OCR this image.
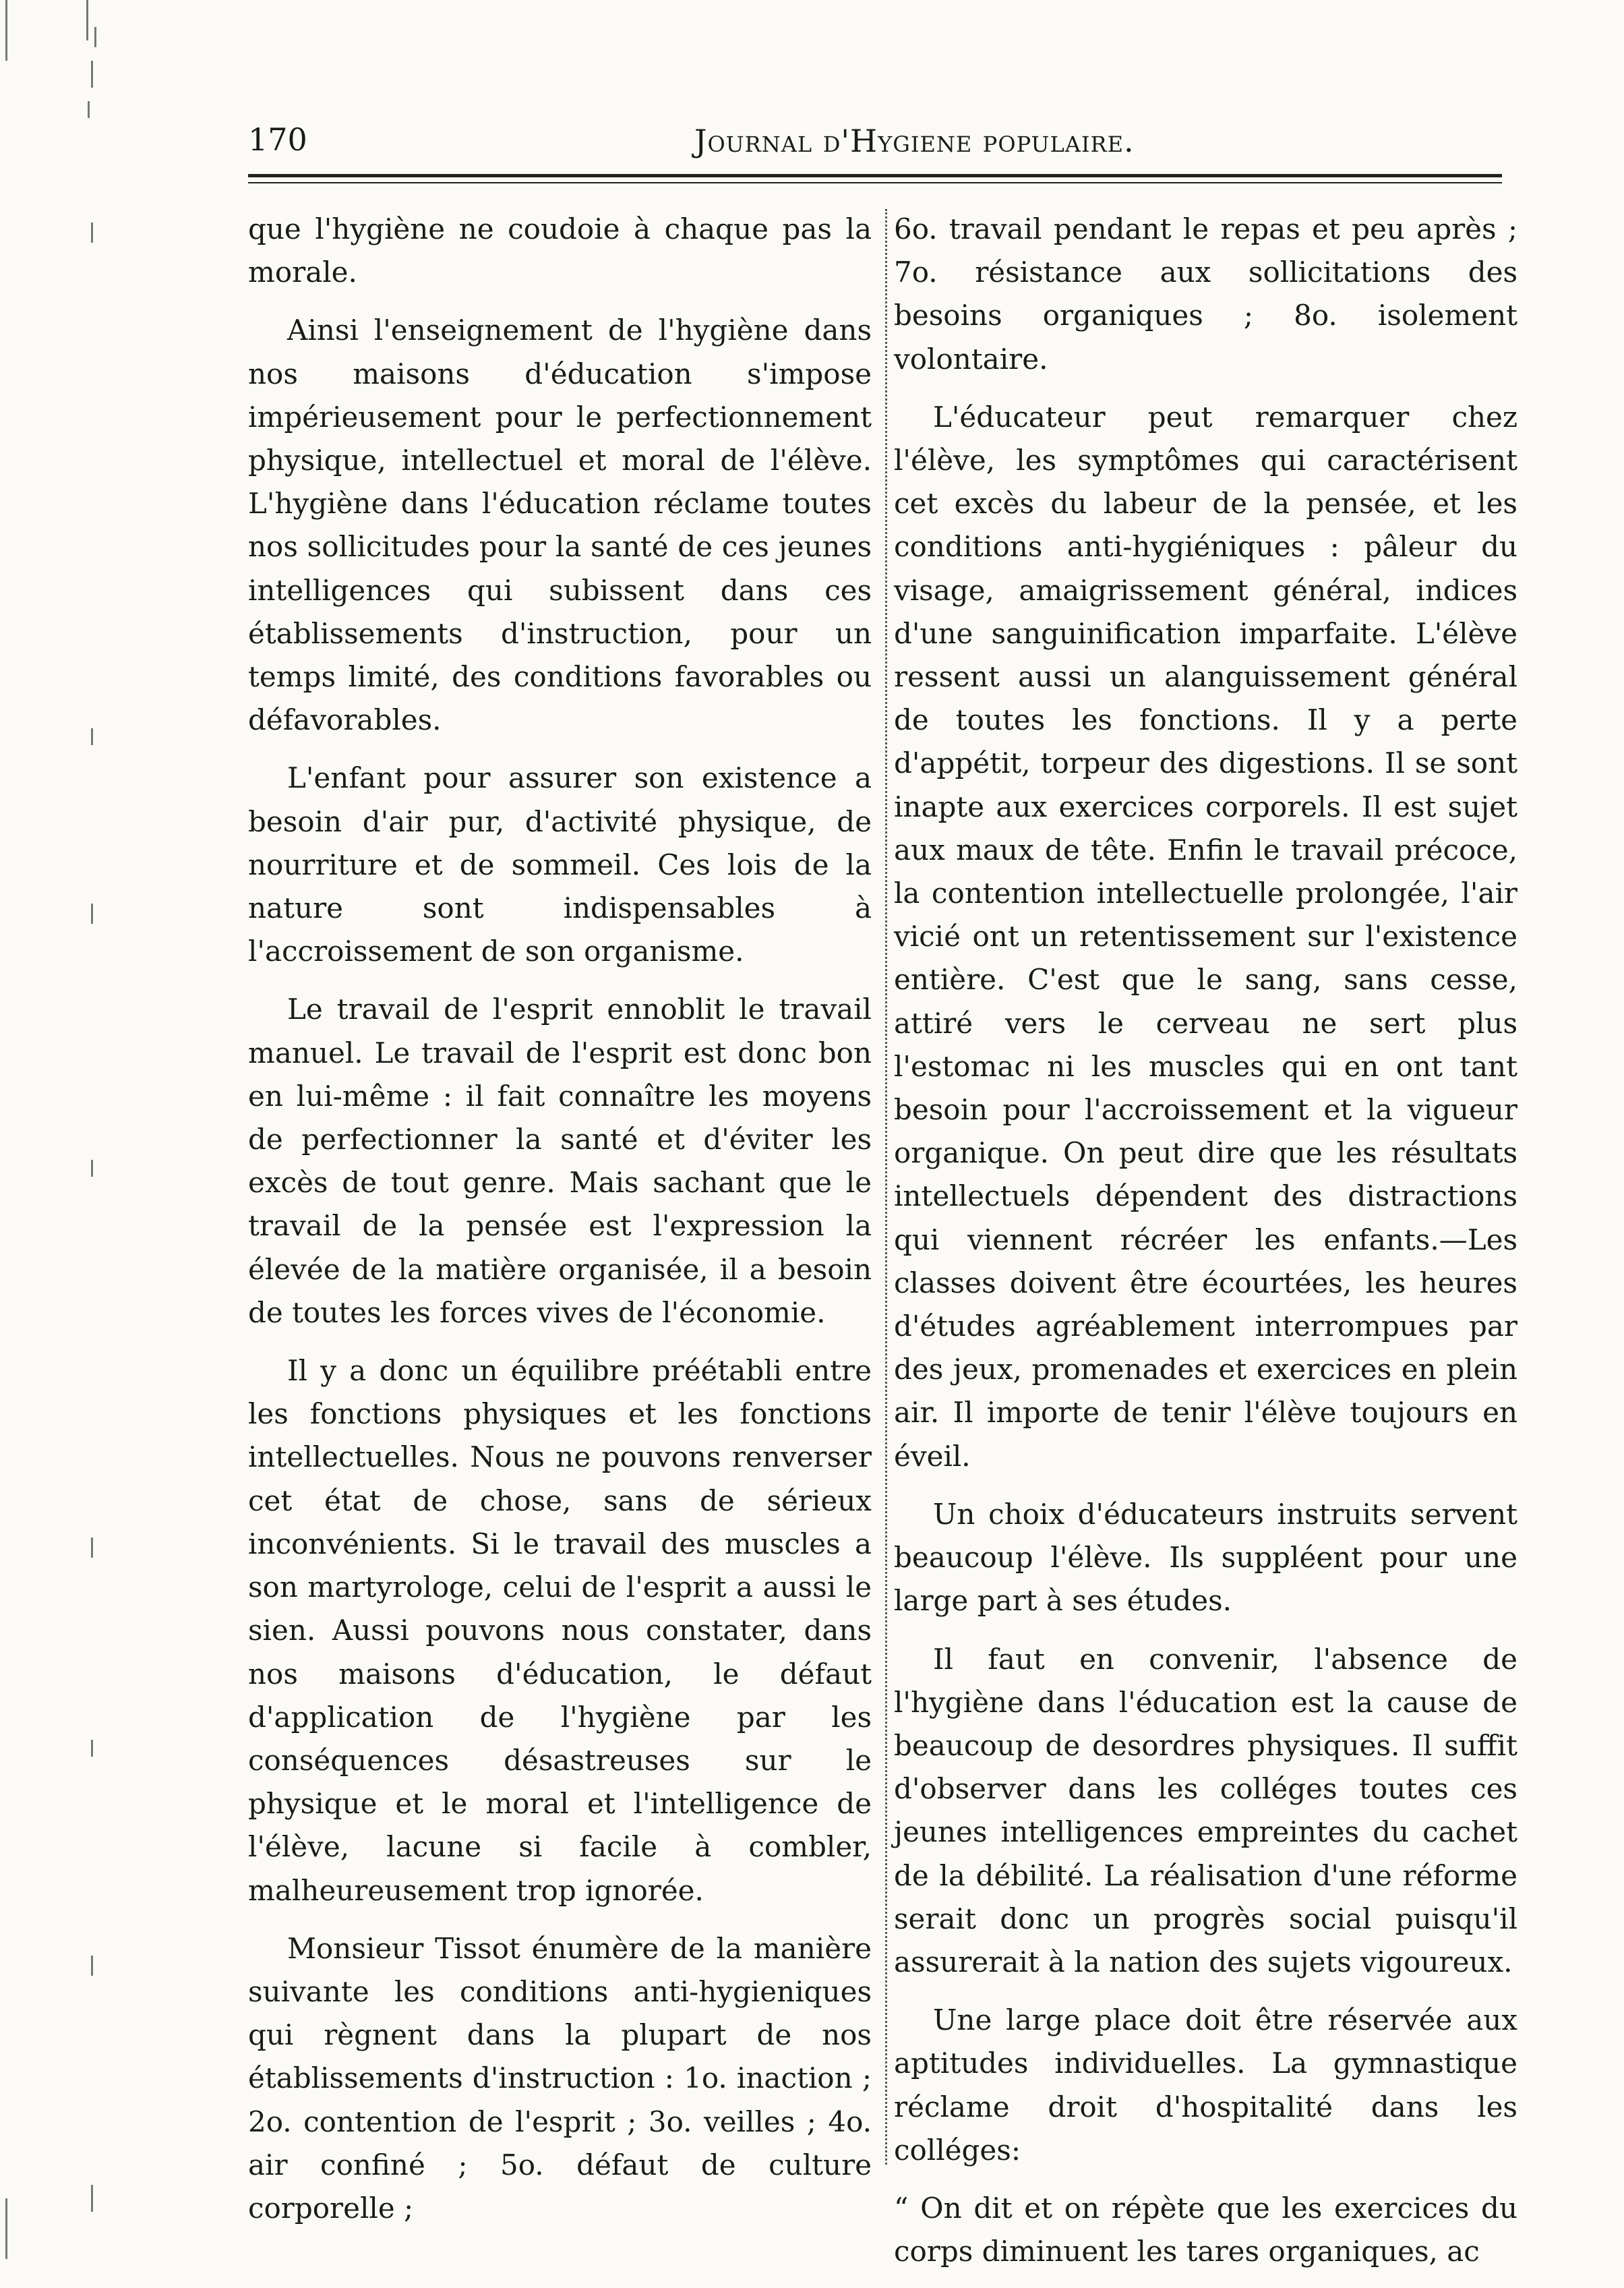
170	Journal d'Hygiene populaire.

que l'hygiène ne coudoie à chaque pas la morale.

Ainsi l'enseignement de l'hygiène dans nos maisons d'éducation s'impose impérieusement pour le perfectionnement physique, intellectuel et moral de l'élève. L'hygiène dans l'éducation réclame toutes nos sollicitudes pour la santé de ces jeunes intelligences qui subissent dans ces établissements d'instruction, pour un temps limité, des conditions favorables ou défavorables.

L'enfant pour assurer son existence a besoin d'air pur, d'activité physique, de nourriture et de sommeil. Ces lois de la nature sont indispensables à l'accroissement de son organisme.

Le travail de l'esprit ennoblit le travail manuel. Le travail de l'esprit est donc bon en lui-même : il fait connaître les moyens de perfectionner la santé et d'éviter les excès de tout genre. Mais sachant que le travail de la pensée est l'expression la élevée de la matière organisée, il a besoin de toutes les forces vives de l'économie.

Il y a donc un équilibre préétabli entre les fonctions physiques et les fonctions intellectuelles. Nous ne pouvons renverser cet état de chose, sans de sérieux inconvénients. Si le travail des muscles a son martyrologe, celui de l'esprit a aussi le sien. Aussi pouvons nous constater, dans nos maisons d'éducation, le défaut d'application de l'hygiène par les conséquences désastreuses sur le physique et le moral et l'intelligence de l'élève, lacune si facile à combler, malheureusement trop ignorée.

Monsieur Tissot énumère de la manière suivante les conditions anti-hygieniques qui règnent dans la plupart de nos établissements d'instruction : 1o. inaction ; 2o. contention de l'esprit ; 3o. veilles ; 4o. air confiné ; 5o. défaut de culture corporelle ;

6o. travail pendant le repas et peu après ; 7o. résistance aux sollicitations des besoins organiques ; 8o. isolement volontaire.

L'éducateur peut remarquer chez l'élève, les symptômes qui caractérisent cet excès du labeur de la pensée, et les conditions anti-hygiéniques : pâleur du visage, amaigrissement général, indices d'une sanguinification imparfaite. L'élève ressent aussi un alanguissement général de toutes les fonctions. Il y a perte d'appétit, torpeur des digestions. Il se sont inapte aux exercices corporels. Il est sujet aux maux de tête. Enfin le travail précoce, la contention intellectuelle prolongée, l'air vicié ont un retentissement sur l'existence entière. C'est que le sang, sans cesse, attiré vers le cerveau ne sert plus l'estomac ni les muscles qui en ont tant besoin pour l'accroissement et la vigueur organique. On peut dire que les résultats intellectuels dépendent des distractions qui viennent récréer les enfants.—Les classes doivent être écourtées, les heures d'études agréablement interrompues par des jeux, promenades et exercices en plein air. Il importe de tenir l'élève toujours en éveil.

Un choix d'éducateurs instruits servent beaucoup l'élève. Ils suppléent pour une large part à ses études.

Il faut en convenir, l'absence de l'hygiène dans l'éducation est la cause de beaucoup de desordres physiques. Il suffit d'observer dans les colléges toutes ces jeunes intelligences empreintes du cachet de la débilité. La réalisation d'une réforme serait donc un progrès social puisqu'il assurerait à la nation des sujets vigoureux.

Une large place doit être réservée aux aptitudes individuelles. La gymnastique réclame droit d'hospitalité dans les colléges:

“ On dit et on répète que les exercices du corps diminuent les tares organiques, ac
